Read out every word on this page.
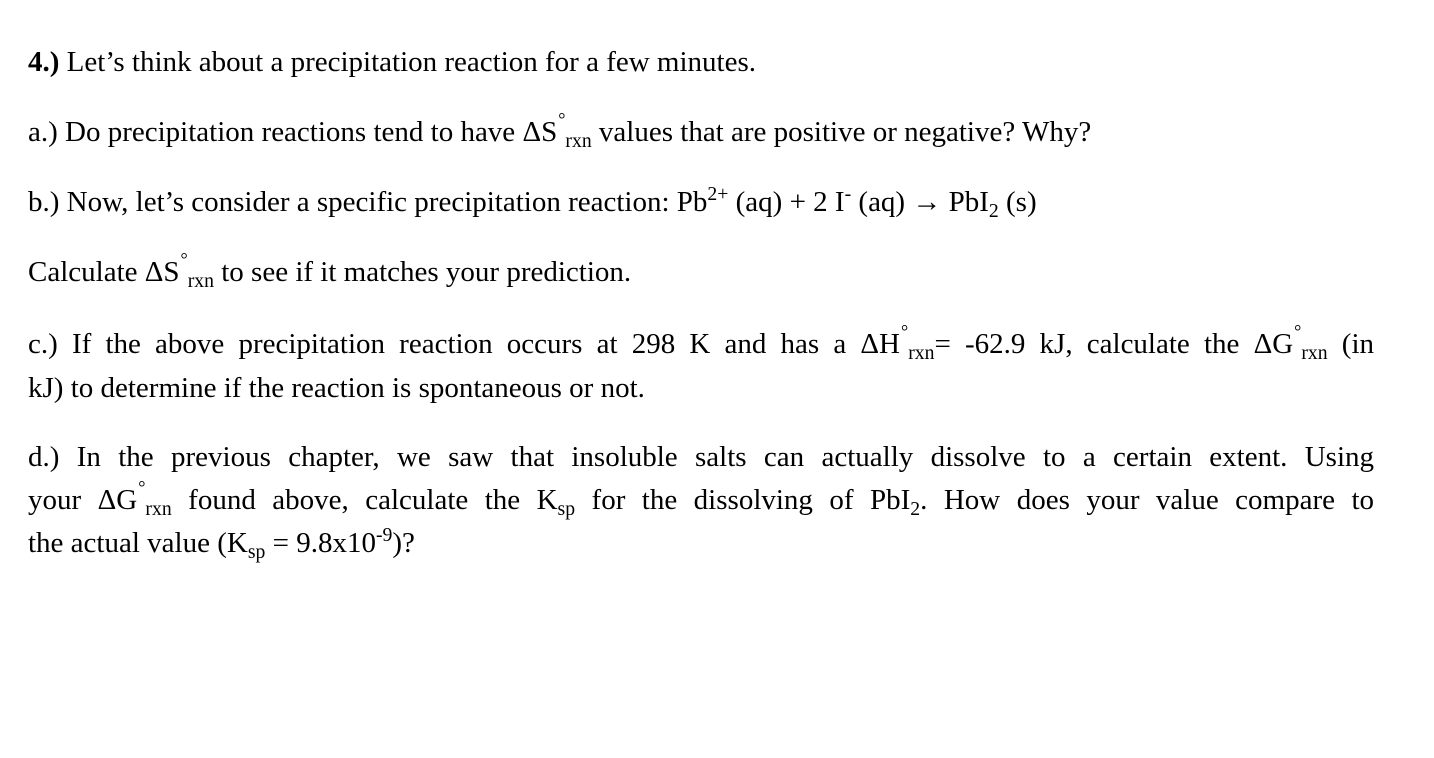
4.) Let’s think about a precipitation reaction for a few minutes.
a.) Do precipitation reactions tend to have $\Delta S^\circ_{rxn}$ values that are positive or negative? Why?
b.) Now, let’s consider a specific precipitation reaction: $Pb^{2+}$ (aq) + 2 I- (aq) → PbI$_2$ (s)
Calculate $\Delta S^\circ_{rxn}$ to see if it matches your prediction.
c.) If the above precipitation reaction occurs at 298 K and has a $\Delta H^\circ_{rxn}= -62.9$ kJ, calculate the $\Delta G^\circ_{rxn}$ (in
kJ) to determine if the reaction is spontaneous or not.
d.) In the previous chapter, we saw that insoluble salts can actually dissolve to a certain extent. Using
your $\Delta G^\circ_{rxn}$ found above, calculate the $K_{sp}$ for the dissolving of PbI$_2$. How does your value compare to
the actual value $(K_{sp} = 9.8x10^{-9})$?
